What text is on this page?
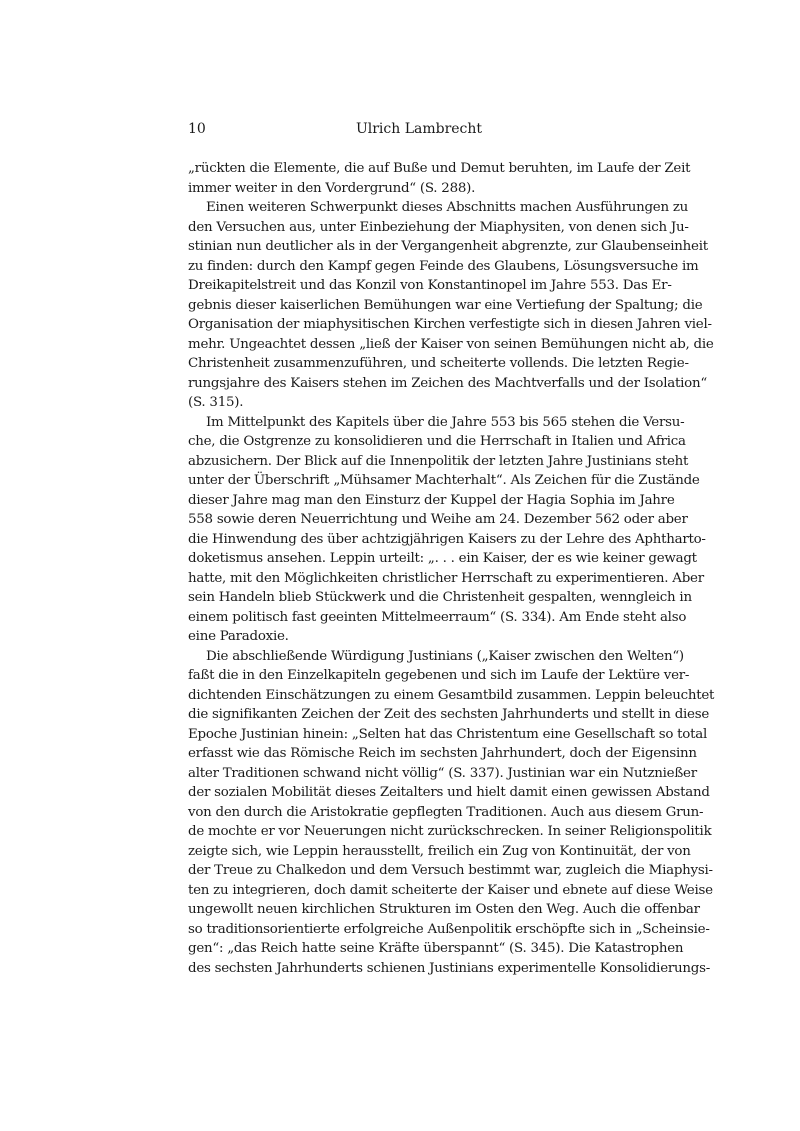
10	Ulrich Lambrecht
„rückten die Elemente, die auf Buße und Demut beruhten, im Laufe der Zeit
immer weiter in den Vordergrund“ (S. 288).
Einen weiteren Schwerpunkt dieses Abschnitts machen Ausführungen zu
den Versuchen aus, unter Einbeziehung der Miaphysiten, von denen sich Ju-
stinian nun deutlicher als in der Vergangenheit abgrenzte, zur Glaubenseinheit
zu finden: durch den Kampf gegen Feinde des Glaubens, Lösungsversuche im
Dreikapitelstreit und das Konzil von Konstantinopel im Jahre 553. Das Er-
gebnis dieser kaiserlichen Bemühungen war eine Vertiefung der Spaltung; die
Organisation der miaphysitischen Kirchen verfestigte sich in diesen Jahren viel-
mehr. Ungeachtet dessen „ließ der Kaiser von seinen Bemühungen nicht ab, die
Christenheit zusammenzuführen, und scheiterte vollends. Die letzten Regie-
rungsjahre des Kaisers stehen im Zeichen des Machtverfalls und der Isolation“
(S. 315).
Im Mittelpunkt des Kapitels über die Jahre 553 bis 565 stehen die Versu-
che, die Ostgrenze zu konsolidieren und die Herrschaft in Italien und Africa
abzusichern. Der Blick auf die Innenpolitik der letzten Jahre Justinians steht
unter der Überschrift „Mühsamer Machterhalt“. Als Zeichen für die Zustände
dieser Jahre mag man den Einsturz der Kuppel der Hagia Sophia im Jahre
558 sowie deren Neuerrichtung und Weihe am 24. Dezember 562 oder aber
die Hinwendung des über achtzigjährigen Kaisers zu der Lehre des Aphtharto-
doketismus ansehen. Leppin urteilt: „. . . ein Kaiser, der es wie keiner gewagt
hatte, mit den Möglichkeiten christlicher Herrschaft zu experimentieren. Aber
sein Handeln blieb Stückwerk und die Christenheit gespalten, wenngleich in
einem politisch fast geeinten Mittelmeerraum“ (S. 334). Am Ende steht also
eine Paradoxie.
Die abschließende Würdigung Justinians („Kaiser zwischen den Welten“)
faßt die in den Einzelkapiteln gegebenen und sich im Laufe der Lektüre ver-
dichtenden Einschätzungen zu einem Gesamtbild zusammen. Leppin beleuchtet
die signifikanten Zeichen der Zeit des sechsten Jahrhunderts und stellt in diese
Epoche Justinian hinein: „Selten hat das Christentum eine Gesellschaft so total
erfasst wie das Römische Reich im sechsten Jahrhundert, doch der Eigensinn
alter Traditionen schwand nicht völlig“ (S. 337). Justinian war ein Nutznießer
der sozialen Mobilität dieses Zeitalters und hielt damit einen gewissen Abstand
von den durch die Aristokratie gepflegten Traditionen. Auch aus diesem Grun-
de mochte er vor Neuerungen nicht zurückschrecken. In seiner Religionspolitik
zeigte sich, wie Leppin herausstellt, freilich ein Zug von Kontinuität, der von
der Treue zu Chalkedon und dem Versuch bestimmt war, zugleich die Miaphysi-
ten zu integrieren, doch damit scheiterte der Kaiser und ebnete auf diese Weise
ungewollt neuen kirchlichen Strukturen im Osten den Weg. Auch die offenbar
so traditionsorientierte erfolgreiche Außenpolitik erschöpfte sich in „Scheinsie-
gen“: „das Reich hatte seine Kräfte überspannt“ (S. 345). Die Katastrophen
des sechsten Jahrhunderts schienen Justinians experimentelle Konsolidierungs-
